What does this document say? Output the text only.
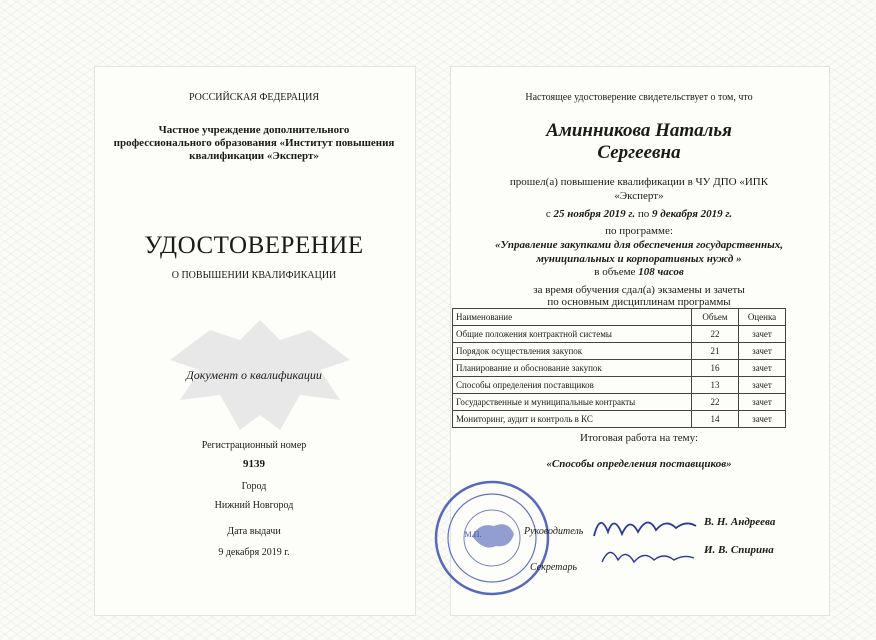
РОССИЙСКАЯ ФЕДЕРАЦИЯ
Частное учреждение дополнительного
профессионального образования «Институт повышения
квалификации «Эксперт»
УДОСТОВЕРЕНИЕ
О ПОВЫШЕНИИ КВАЛИФИКАЦИИ
Документ о квалификации
Регистрационный номер
9139
Город
Нижний Новгород
Дата выдачи
9 декабря 2019 г.
Настоящее удостоверение свидетельствует о том, что
Аминникова Наталья
Сергеевна
прошел(а) повышение квалификации в ЧУ ДПО «ИПК
«Эксперт»
с 25 ноября 2019 г. по 9 декабря 2019 г.
по программе:
«Управление закупками для обеспечения государственных,
муниципальных и корпоративных нужд »
в объеме 108 часов
за время обучения сдал(а) экзамены и зачеты
по основным дисциплинам программы
Наименование	Объем	Оценка
Общие положения контрактной системы	22	зачет
Порядок осуществления закупок	21	зачет
Планирование и обоснование закупок	16	зачет
Способы определения поставщиков	13	зачет
Государственные и муниципальные контракты	22	зачет
Мониторинг, аудит и контроль в КС	14	зачет
Итоговая работа на тему:
«Способы определения поставщиков»
М.П.	Руководитель
В. Н. Андреева
Секретарь
И. В. Спирина
